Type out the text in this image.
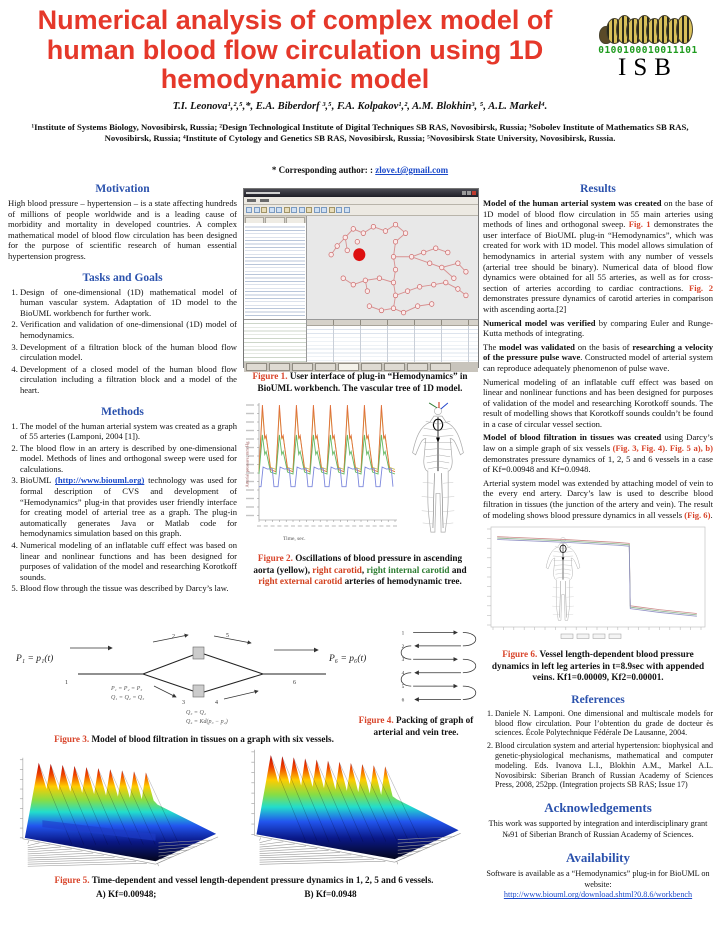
Numerical analysis of complex model of human blood flow circulation using 1D hemodynamic model
0100100010011101
ISB
T.I. Leonova¹,²,⁵,*, E.A. Biberdorf ³,⁵, F.A. Kolpakov¹,², A.M. Blokhin³, ⁵, A.L. Markel⁴.
¹Institute of Systems Biology, Novosibirsk, Russia; ²Design Technological Institute of Digital Techniques SB RAS, Novosibirsk, Russia; ³Sobolev Institute of Mathematics SB RAS, Novosibirsk, Russia; ⁴Institute of Cytology and Genetics SB RAS, Novosibirsk, Russia; ⁵Novosibirsk State University, Novosibirsk, Russia.
* Corresponding author: : zlove.t@gmail.com
Motivation

High blood pressure – hypertension – is a state affecting hundreds of millions of people worldwide and is a leading cause of morbidity and mortality in developed countries. A complex mathematical model of blood flow circulation has been designed for the purpose of scientific research of human essential hypertension progress.

Tasks and Goals
1. Design of one-dimensional (1D) mathematical model of human vascular system. Adaptation of 1D model to the BioUML workbench for further work.
2. Verification and validation of one-dimensional (1D) model of hemodynamics.
3. Development of a filtration block of the human blood flow circulation model.
4. Development of a closed model of the human blood flow circulation including a filtration block and a model of the heart.
Methods
1. The model of the human arterial system was created as a graph of 55 arteries (Lamponi, 2004 [1]).
2. The blood flow in an artery is described by one-dimensional model. Methods of lines and orthogonal sweep were used for calculations.
3. BioUML (http://www.biouml.org) technology was used for formal description of CVS and development of “Hemodynamics” plug-in that provides user friendly interface for creating model of arterial tree as a graph. The plug-in automatically generates Java or Matlab code for hemodynamics simulation based on this graph.
4. Numerical modeling of an inflatable cuff effect was based on linear and nonlinear functions and has been designed for purposes of validation of the model and researching Korotkoff sounds.
5. Blood flow through the tissue was described by Darcy’s law.

Figure 1. User interface of plug-in “Hemodynamics” in BioUML workbench. The vascular tree of 1D model.

Arterial pressure, mm Hg
Time, sec.

Figure 2. Oscillations of blood pressure in ascending aorta (yellow), right carotid, right internal carotid and right external carotid arteries of hemodynamic tree.

P₁ = p₁(t)
1
2	5
3	4
6
P₆ = p₆(t)
P₁ = P₂ = P₃
Q₁ = Q₂ = Q₃
Q₃ = Q₄
Q₄ = Kd(p₃ − p₄)

Figure 3. Model of blood filtration in tissues on a graph with six vessels.

1
2
3
4
5
6

Figure 4. Packing of graph of arterial and vein tree.

Figure 5. Time-dependent and vessel length-dependent pressure dynamics in 1, 2, 5 and 6 vessels.

A) Kf=0.00948;	B) Kf=0.0948
Results

Model of the human arterial system was created on the base of 1D model of blood flow circulation in 55 main arteries using methods of lines and orthogonal sweep. Fig. 1 demonstrates the user interface of BioUML plug-in “Hemodynamics”, which was created for work with 1D model. This model allows simulation of hemodynamics in arterial system with any number of vessels (arterial tree should be binary). Numerical data of blood flow dynamics were obtained for all 55 arteries, as well as for cross-section of arteries according to cardiac contractions. Fig. 2 demonstrates pressure dynamics of carotid arteries in comparison with ascending aorta.[2]

Numerical model was verified by comparing Euler and Runge-Kutta methods of integrating.

The model was validated on the basis of researching a velocity of the pressure pulse wave. Constructed model of arterial system can reproduce adequately phenomenon of pulse wave.

Numerical modeling of an inflatable cuff effect was based on linear and nonlinear functions and has been designed for purposes of validation of the model and researching Korotkoff sounds. The result of modelling shows that Korotkoff sounds couldn’t be found in a case of circular vessel section.

Model of blood filtration in tissues was created using Darcy’s law on a simple graph of six vessels (Fig. 3, Fig. 4). Fig. 5 a), b) demonstrates pressure dynamics of 1, 2, 5 and 6 vessels in a case of Kf=0.00948 and Kf=0.0948.

Arterial system model was extended by attaching model of vein to the every end artery. Darcy’s law is used to describe blood filtration in tissues (the junction of the artery and vein). The result of modeling shows blood pressure dynamics in all vessels (Fig. 6).

Figure 6. Vessel length-dependent blood pressure dynamics in left leg arteries in t=8.9sec with appended veins. Kf1=0.00009, Kf2=0.00001.

References
1. Daniele N. Lamponi. One dimensional and multiscale models for blood flow circulation. Pour l’obtention du grade de docteur ès sciences. École Polytechnique Fédérale De Lausanne, 2004.
2. Blood circulation system and arterial hypertension: biophysical and genetic-physiological mechanisms, mathematical and computer modeling. Eds. Ivanova L.I., Blokhin A.M., Markel A.L. Novosibirsk: Siberian Branch of Russian Academy of Sciences Press, 2008, 252pp. (Integration projects SB RAS; Issue 17)
Acknowledgements

This work was supported by integration and interdisciplinary grant №91 of Siberian Branch of Russian Academy of Sciences.

Availability

Software is available as a “Hemodynamics” plug-in for BioUML on website:

http://www.biouml.org/download.shtml?0.8.6/workbench
